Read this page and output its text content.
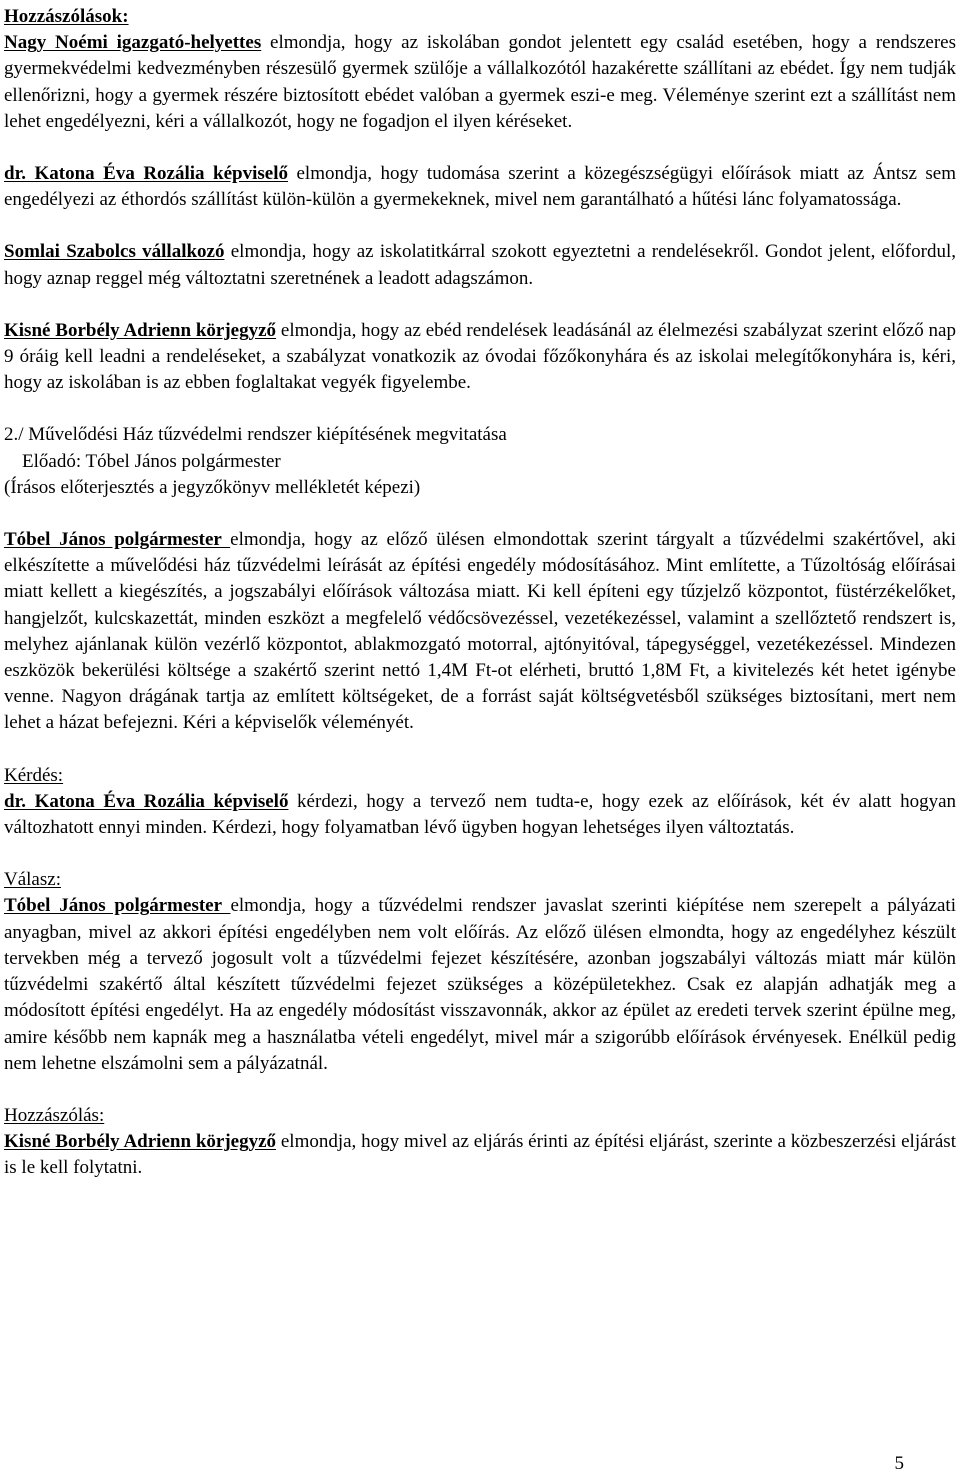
Hozzászólások:

Nagy Noémi igazgató-helyettes elmondja, hogy az iskolában gondot jelentett egy család esetében, hogy a rendszeres gyermekvédelmi kedvezményben részesülő gyermek szülője a vállalkozótól hazakérette szállítani az ebédet. Így nem tudják ellenőrizni, hogy a gyermek részére biztosított ebédet valóban a gyermek eszi-e meg. Véleménye szerint ezt a szállítást nem lehet engedélyezni, kéri a vállalkozót, hogy ne fogadjon el ilyen kéréseket.

dr. Katona Éva Rozália képviselő elmondja, hogy tudomása szerint a közegészségügyi előírások miatt az Ántsz sem engedélyezi az éthordós szállítást külön-külön a gyermekeknek, mivel nem garantálható a hűtési lánc folyamatossága.

Somlai Szabolcs vállalkozó elmondja, hogy az iskolatitkárral szokott egyeztetni a rendelésekről. Gondot jelent, előfordul, hogy aznap reggel még változtatni szeretnének a leadott adagszámon.

Kisné Borbély Adrienn körjegyző elmondja, hogy az ebéd rendelések leadásánál az élelmezési szabályzat szerint előző nap 9 óráig kell leadni a rendeléseket, a szabályzat vonatkozik az óvodai főzőkonyhára és az iskolai melegítőkonyhára is, kéri, hogy az iskolában is az ebben foglaltakat vegyék figyelembe.

2./ Művelődési Ház tűzvédelmi rendszer kiépítésének megvitatása

Előadó: Tóbel János polgármester

(Írásos előterjesztés a jegyzőkönyv mellékletét képezi)

Tóbel János polgármester elmondja, hogy az előző ülésen elmondottak szerint tárgyalt a tűzvédelmi szakértővel, aki elkészítette a művelődési ház tűzvédelmi leírását az építési engedély módosításához. Mint említette, a Tűzoltóság előírásai miatt kellett a kiegészítés, a jogszabályi előírások változása miatt. Ki kell építeni egy tűzjelző központot, füstérzékelőket, hangjelzőt, kulcskazettát, minden eszközt a megfelelő védőcsövezéssel, vezetékezéssel, valamint a szellőztető rendszert is, melyhez ajánlanak külön vezérlő központot, ablakmozgató motorral, ajtónyitóval, tápegységgel, vezetékezéssel. Mindezen eszközök bekerülési költsége a szakértő szerint nettó 1,4M Ft-ot elérheti, bruttó 1,8M Ft, a kivitelezés két hetet igénybe venne. Nagyon drágának tartja az említett költségeket, de a forrást saját költségvetésből szükséges biztosítani, mert nem lehet a házat befejezni. Kéri a képviselők véleményét.

Kérdés:

dr. Katona Éva Rozália képviselő kérdezi, hogy a tervező nem tudta-e, hogy ezek az előírások, két év alatt hogyan változhatott ennyi minden. Kérdezi, hogy folyamatban lévő ügyben hogyan lehetséges ilyen változtatás.

Válasz:

Tóbel János polgármester elmondja, hogy a tűzvédelmi rendszer javaslat szerinti kiépítése nem szerepelt a pályázati anyagban, mivel az akkori építési engedélyben nem volt előírás. Az előző ülésen elmondta, hogy az engedélyhez készült tervekben még a tervező jogosult volt a tűzvédelmi fejezet készítésére, azonban jogszabályi változás miatt már külön tűzvédelmi szakértő által készített tűzvédelmi fejezet szükséges a középületekhez. Csak ez alapján adhatják meg a módosított építési engedélyt. Ha az engedély módosítást visszavonnák, akkor az épület az eredeti tervek szerint épülne meg, amire később nem kapnák meg a használatba vételi engedélyt, mivel már a szigorúbb előírások érvényesek. Enélkül pedig nem lehetne elszámolni sem a pályázatnál.

Hozzászólás:

Kisné Borbély Adrienn körjegyző elmondja, hogy mivel az eljárás érinti az építési eljárást, szerinte a közbeszerzési eljárást is le kell folytatni.

5
